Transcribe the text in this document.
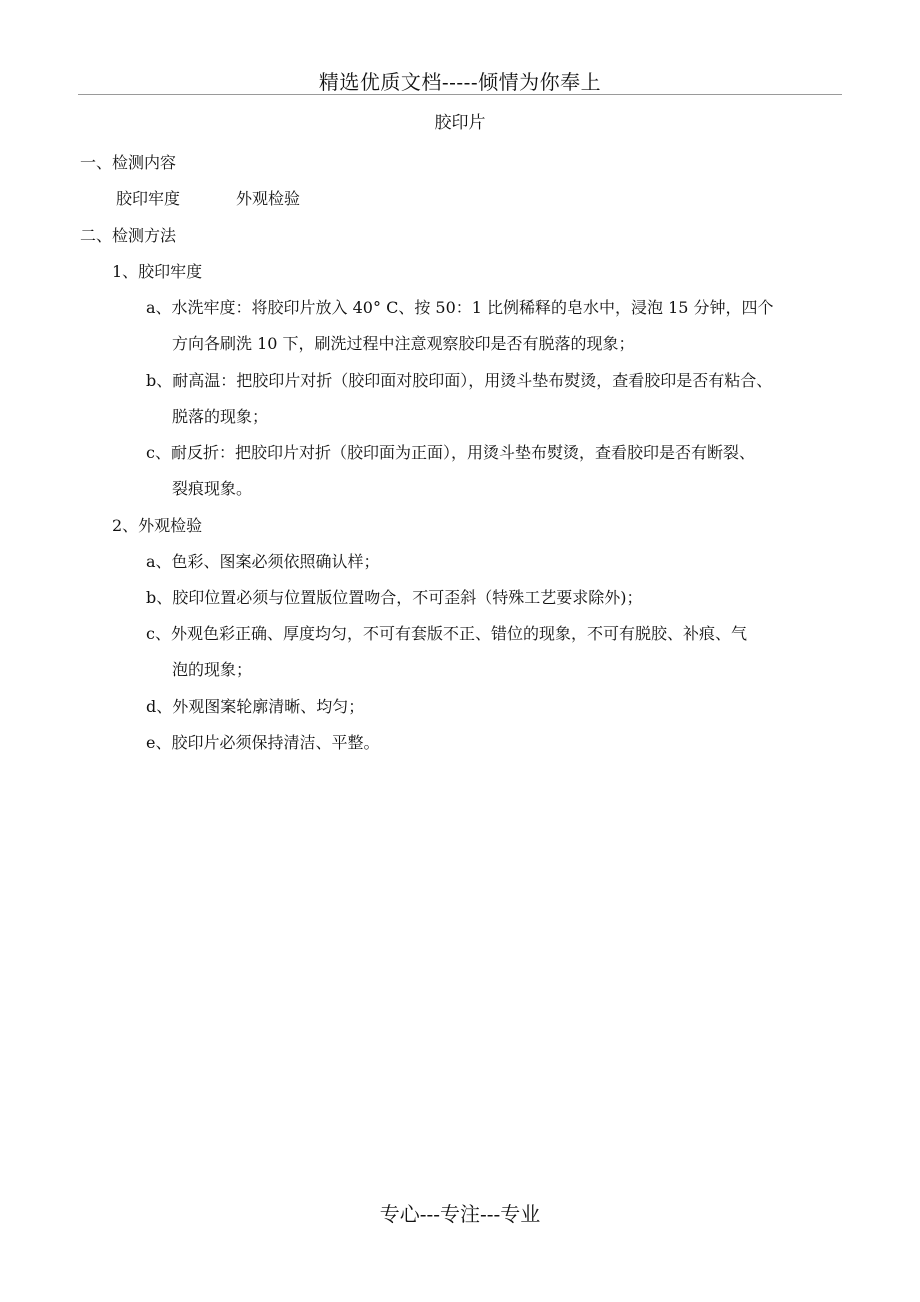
精选优质文档-----倾情为你奉上
胶印片
一、检测内容
胶印牢度	外观检验
二、检测方法
1、胶印牢度
a、水洗牢度：将胶印片放入 40° C、按 50：1 比例稀释的皂水中，浸泡 15 分钟，四个
方向各刷洗 10 下，刷洗过程中注意观察胶印是否有脱落的现象；
b、耐高温：把胶印片对折（胶印面对胶印面），用烫斗垫布熨烫，查看胶印是否有粘合、
脱落的现象；
c、耐反折：把胶印片对折（胶印面为正面），用烫斗垫布熨烫，查看胶印是否有断裂、
裂痕现象。
2、外观检验
a、色彩、图案必须依照确认样；
b、胶印位置必须与位置版位置吻合，不可歪斜（特殊工艺要求除外)；
c、外观色彩正确、厚度均匀，不可有套版不正、错位的现象，不可有脱胶、补痕、气
泡的现象；
d、外观图案轮廓清晰、均匀；
e、胶印片必须保持清洁、平整。
专心---专注---专业
